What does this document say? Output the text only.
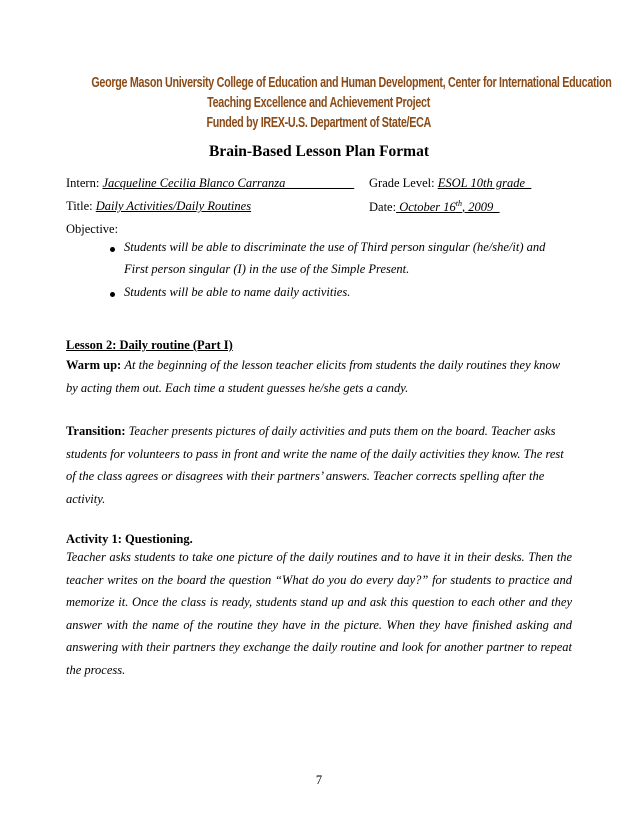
George Mason University College of Education and Human Development, Center for International Education
Teaching Excellence and Achievement Project
Funded by IREX-U.S. Department of State/ECA
Brain-Based Lesson Plan Format
Intern: Jacqueline Cecilia Blanco Carranza___________ Grade Level: ESOL 10th grade_
Title: Daily Activities/Daily Routines	Date: October 16th, 2009_
Objective:
Students will be able to discriminate the use of Third person singular (he/she/it) and
First person singular (I) in the use of the Simple Present.
Students will be able to name daily activities.
Lesson 2: Daily routine (Part I)
Warm up: At the beginning of the lesson teacher elicits from students the daily routines they know by acting them out. Each time a student guesses he/she gets a candy.
Transition: Teacher presents pictures of daily activities and puts them on the board. Teacher asks students for volunteers to pass in front and write the name of the daily activities they know. The rest of the class agrees or disagrees with their partners’ answers. Teacher corrects spelling after the activity.
Activity 1: Questioning.
Teacher asks students to take one picture of the daily routines and to have it in their desks. Then the teacher writes on the board the question “What do you do every day?” for students to practice and memorize it. Once the class is ready, students stand up and ask this question to each other and they answer with the name of the routine they have in the picture. When they have finished asking and answering with their partners they exchange the daily routine and look for another partner to repeat the process.
7
